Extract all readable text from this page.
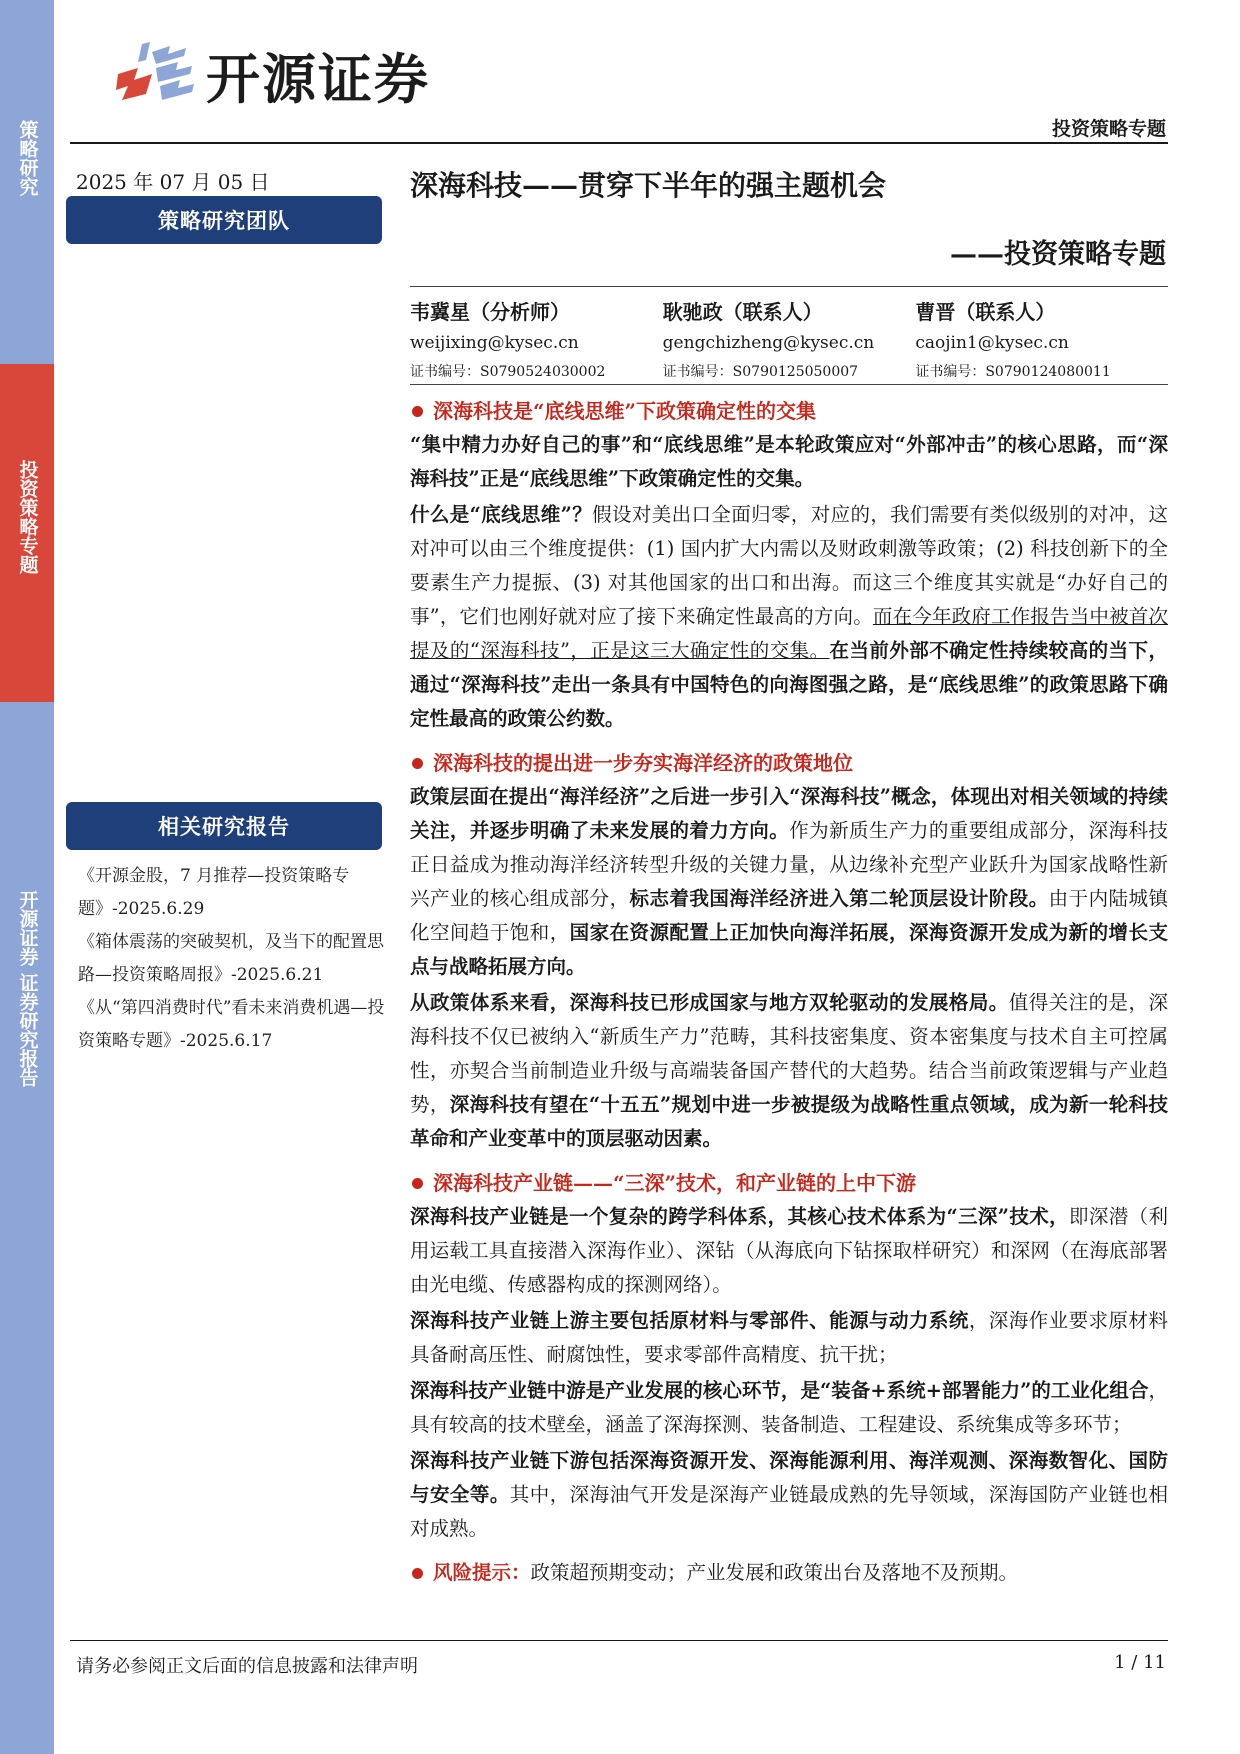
策略研究
投资策略专题
开源证券 证券研究报告
开源证券
投资策略专题
2025 年 07 月 05 日
策略研究团队
相关研究报告
《开源金股，7 月推荐—投资策略专题》-2025.6.29
《箱体震荡的突破契机，及当下的配置思路—投资策略周报》-2025.6.21
《从“第四消费时代”看未来消费机遇—投资策略专题》-2025.6.17
深海科技——贯穿下半年的强主题机会
——投资策略专题
韦冀星（分析师）
weijixing@kysec.cn
证书编号：S0790524030002
耿驰政（联系人）
gengchizheng@kysec.cn
证书编号：S0790125050007
曹晋（联系人）
caojin1@kysec.cn
证书编号：S0790124080011
深海科技是“底线思维”下政策确定性的交集
“集中精力办好自己的事”和“底线思维”是本轮政策应对“外部冲击”的核心思路，而“深海科技”正是“底线思维”下政策确定性的交集。
什么是“底线思维”？假设对美出口全面归零，对应的，我们需要有类似级别的对冲，这对冲可以由三个维度提供：(1) 国内扩大内需以及财政刺激等政策；(2) 科技创新下的全要素生产力提振、(3) 对其他国家的出口和出海。而这三个维度其实就是“办好自己的事”，它们也刚好就对应了接下来确定性最高的方向。而在今年政府工作报告当中被首次提及的“深海科技”，正是这三大确定性的交集。在当前外部不确定性持续较高的当下，通过“深海科技”走出一条具有中国特色的向海图强之路，是“底线思维”的政策思路下确定性最高的政策公约数。
深海科技的提出进一步夯实海洋经济的政策地位
政策层面在提出“海洋经济”之后进一步引入“深海科技”概念，体现出对相关领域的持续关注，并逐步明确了未来发展的着力方向。作为新质生产力的重要组成部分，深海科技正日益成为推动海洋经济转型升级的关键力量，从边缘补充型产业跃升为国家战略性新兴产业的核心组成部分，标志着我国海洋经济进入第二轮顶层设计阶段。由于内陆城镇化空间趋于饱和，国家在资源配置上正加快向海洋拓展，深海资源开发成为新的增长支点与战略拓展方向。
从政策体系来看，深海科技已形成国家与地方双轮驱动的发展格局。值得关注的是，深海科技不仅已被纳入“新质生产力”范畴，其科技密集度、资本密集度与技术自主可控属性，亦契合当前制造业升级与高端装备国产替代的大趋势。结合当前政策逻辑与产业趋势，深海科技有望在“十五五”规划中进一步被提级为战略性重点领域，成为新一轮科技革命和产业变革中的顶层驱动因素。
深海科技产业链——“三深”技术，和产业链的上中下游
深海科技产业链是一个复杂的跨学科体系，其核心技术体系为“三深”技术，即深潜（利用运载工具直接潜入深海作业）、深钻（从海底向下钻探取样研究）和深网（在海底部署由光电缆、传感器构成的探测网络）。
深海科技产业链上游主要包括原材料与零部件、能源与动力系统，深海作业要求原材料具备耐高压性、耐腐蚀性，要求零部件高精度、抗干扰；
深海科技产业链中游是产业发展的核心环节，是“装备+系统+部署能力”的工业化组合，具有较高的技术壁垒，涵盖了深海探测、装备制造、工程建设、系统集成等多环节；
深海科技产业链下游包括深海资源开发、深海能源利用、海洋观测、深海数智化、国防与安全等。其中，深海油气开发是深海产业链最成熟的先导领域，深海国防产业链也相对成熟。
风险提示： 政策超预期变动；产业发展和政策出台及落地不及预期。
请务必参阅正文后面的信息披露和法律声明	1 / 11
